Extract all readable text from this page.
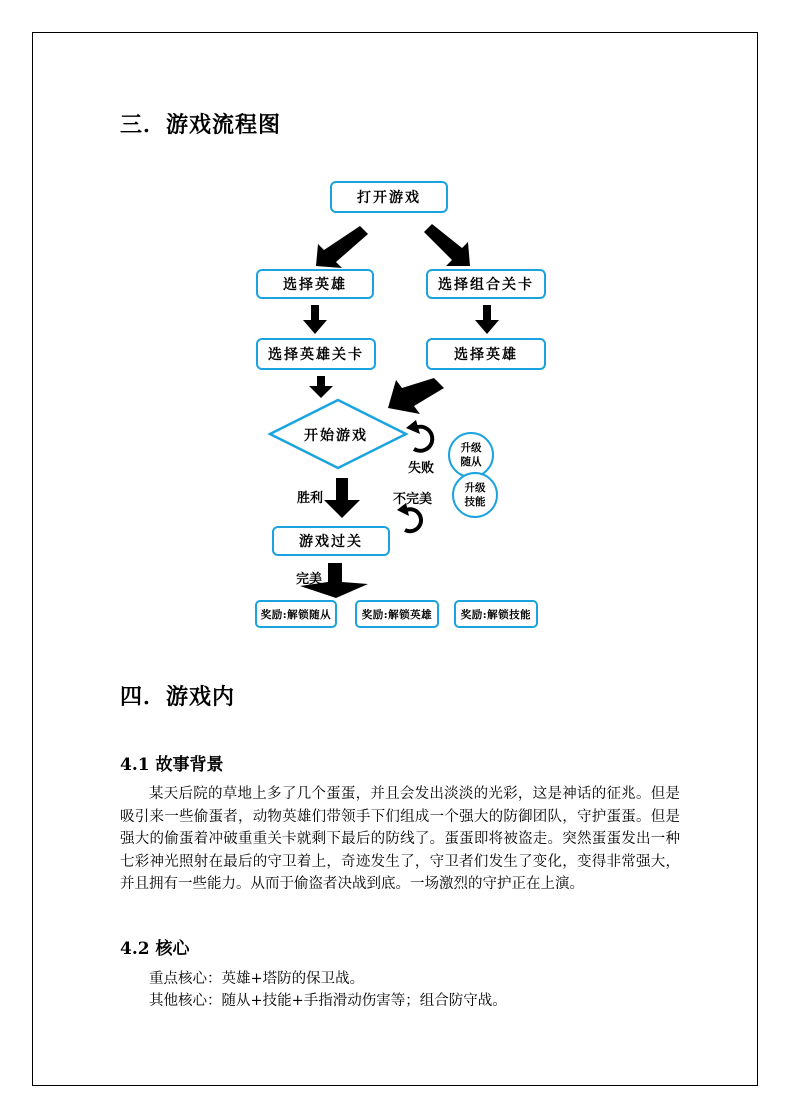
三．游戏流程图
打开游戏
选择英雄	选择组合关卡
选择英雄关卡	选择英雄
开始游戏
失败
升级随从
升级技能
胜利	不完美
游戏过关
完美
奖励:解锁随从	奖励:解锁英雄	奖励:解锁技能
四．游戏内
4.1 故事背景
某天后院的草地上多了几个蛋蛋，并且会发出淡淡的光彩，这是神话的征兆。但是吸引来一些偷蛋者，动物英雄们带领手下们组成一个强大的防御团队，守护蛋蛋。但是强大的偷蛋着冲破重重关卡就剩下最后的防线了。蛋蛋即将被盗走。突然蛋蛋发出一种七彩神光照射在最后的守卫着上，奇迹发生了，守卫者们发生了变化，变得非常强大，并且拥有一些能力。从而于偷盗者决战到底。一场激烈的守护正在上演。
4.2 核心
重点核心：英雄+塔防的保卫战。
其他核心：随从+技能+手指滑动伤害等；组合防守战。
